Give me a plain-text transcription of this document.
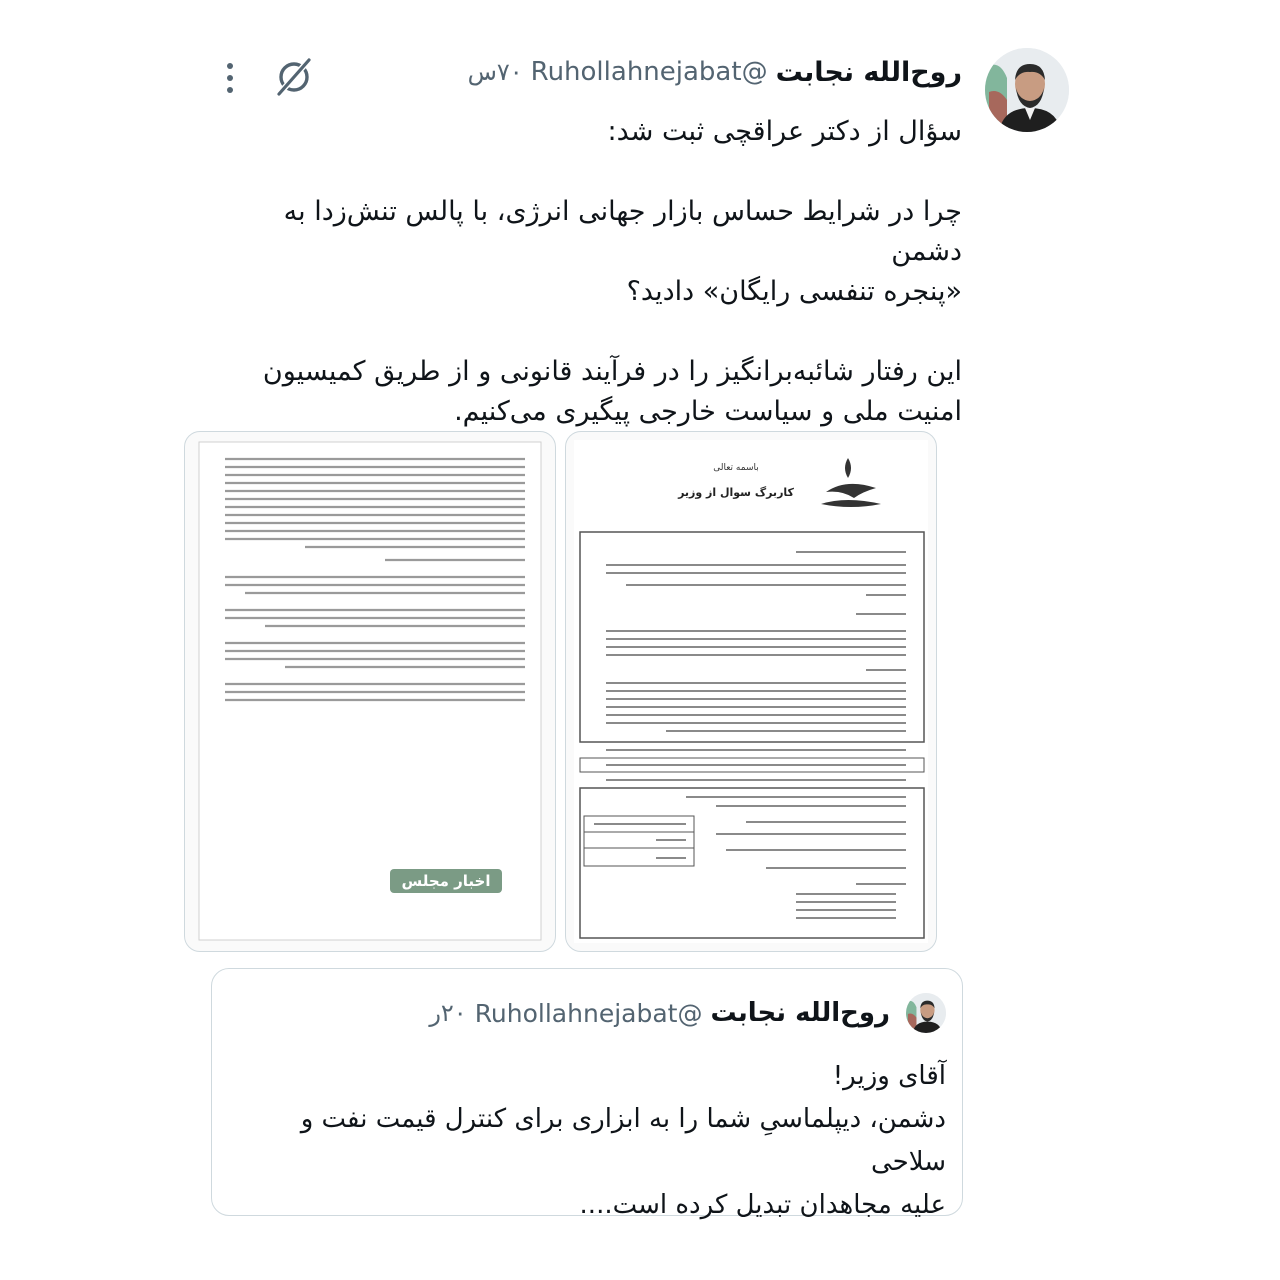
روح‌الله نجابت
@Ruhollahnejabat
۷۰س

سؤال از دکتر عراقچی ثبت شد:

چرا در شرایط حساس بازار جهانی انرژی، با پالس تنش‌زدا به دشمن

«پنجره تنفسی رایگان» دادید؟

این رفتار شائبه‌برانگیز را در فرآیند قانونی و از طریق کمیسیون

امنیت ملی و سیاست خارجی پیگیری می‌کنیم.

اخبار مجلس
باسمه تعالی
کاربرگ سوال از وزیر
روح‌الله نجابت
@Ruhollahnejabat
۲۰ر

آقای وزیر!

دشمن، دیپلماسیِ شما را به ابزاری برای کنترل قیمت نفت و سلاحی

علیه مجاهدان تبدیل کرده است....
